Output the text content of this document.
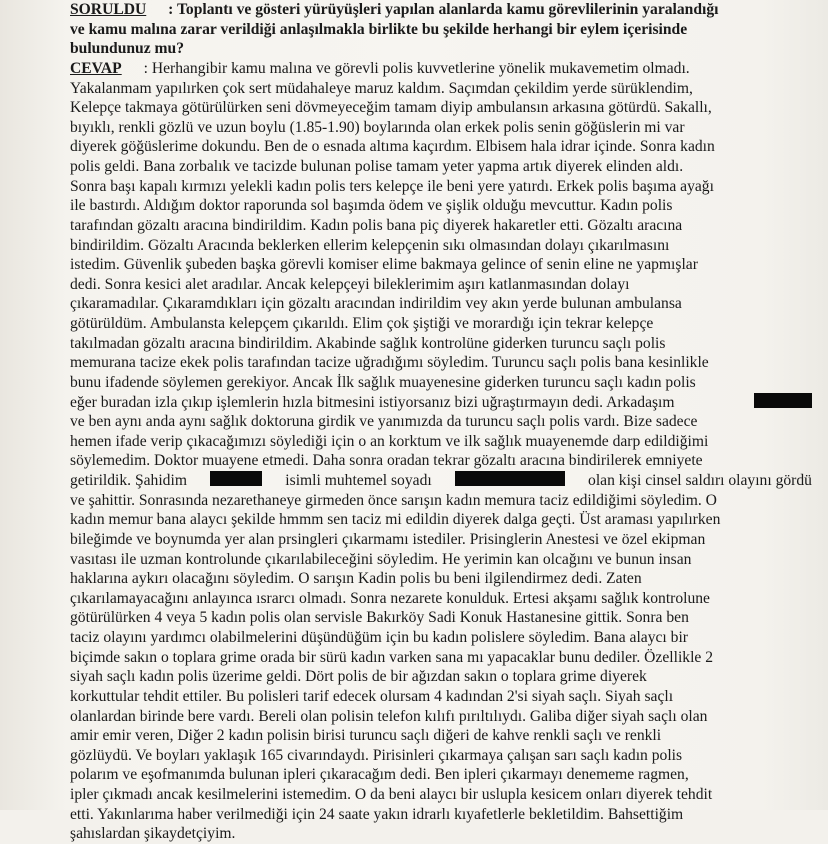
SORULDU : Toplantı ve gösteri yürüyüşleri yapılan alanlarda kamu görevlilerinin yaralandığı
ve kamu malına zarar verildiği anlaşılmakla birlikte bu şekilde herhangi bir eylem içerisinde
bulundunuz mu?
CEVAP : Herhangibir kamu malına ve görevli polis kuvvetlerine yönelik mukavemetim olmadı.
Yakalanmam yapılırken çok sert müdahaleye maruz kaldım. Saçımdan çekildim yerde sürüklendim,
Kelepçe takmaya götürülürken seni dövmeyeceğim tamam diyip ambulansın arkasına götürdü. Sakallı,
bıyıklı, renkli gözlü ve uzun boylu (1.85-1.90) boylarında olan erkek polis senin göğüslerin mi var
diyerek göğüslerime dokundu. Ben de o esnada altıma kaçırdım. Elbisem hala idrar içinde. Sonra kadın
polis geldi. Bana zorbalık ve tacizde bulunan polise tamam yeter yapma artık diyerek elinden aldı.
Sonra başı kapalı kırmızı yelekli kadın polis ters kelepçe ile beni yere yatırdı. Erkek polis başıma ayağı
ile bastırdı. Aldığım doktor raporunda sol başımda ödem ve şişlik olduğu mevcuttur. Kadın polis
tarafından gözaltı aracına bindirildim. Kadın polis bana piç diyerek hakaretler etti. Gözaltı aracına
bindirildim. Gözaltı Aracında beklerken ellerim kelepçenin sıkı olmasından dolayı çıkarılmasını
istedim. Güvenlik şubeden başka görevli komiser elime bakmaya gelince of senin eline ne yapmışlar
dedi. Sonra kesici alet aradılar. Ancak kelepçeyi bileklerimim aşırı katlanmasından dolayı
çıkaramadılar. Çıkaramdıkları için gözaltı aracından indirildim vey akın yerde bulunan ambulansa
götürüldüm. Ambulansta kelepçem çıkarıldı. Elim çok şiştiği ve morardığı için tekrar kelepçe
takılmadan gözaltı aracına bindirildim. Akabinde sağlık kontrolüne giderken turuncu saçlı polis
memurana tacize ekek polis tarafından tacize uğradığımı söyledim. Turuncu saçlı polis bana kesinlikle
bunu ifadende söylemen gerekiyor. Ancak İlk sağlık muayenesine giderken turuncu saçlı kadın polis
eğer buradan izla çıkıp işlemlerin hızla bitmesini istiyorsanız bizi uğraştırmayın dedi. Arkadaşım
ve ben aynı anda aynı sağlık doktoruna girdik ve yanımızda da turuncu saçlı polis vardı. Bize sadece
hemen ifade verip çıkacağımızı söylediği için o an korktum ve ilk sağlık muayenemde darp edildiğimi
söylemedim. Doktor muayene etmedi. Daha sonra oradan tekrar gözaltı aracına bindirilerek emniyete
getirildik. Şahidim	isimli muhtemel soyadı	olan kişi cinsel saldırı olayını gördü
ve şahittir. Sonrasında nezarethaneye girmeden önce sarışın kadın memura taciz edildiğimi söyledim. O
kadın memur bana alaycı şekilde hmmm sen taciz mi edildin diyerek dalga geçti. Üst araması yapılırken
bileğimde ve boynumda yer alan prsingleri çıkarmamı istediler. Prisinglerin Anestesi ve özel ekipman
vasıtası ile uzman kontrolunde çıkarılabileceğini söyledim. He yerimin kan olcağını ve bunun insan
haklarına aykırı olacağını söyledim. O sarışın Kadin polis bu beni ilgilendirmez dedi. Zaten
çıkarılamayacağını anlayınca ısrarcı olmadı. Sonra nezarete konulduk. Ertesi akşamı sağlık kontrolune
götürülürken 4 veya 5 kadın polis olan servisle Bakırköy Sadi Konuk Hastanesine gittik. Sonra ben
taciz olayını yardımcı olabilmelerini düşündüğüm için bu kadın polislere söyledim. Bana alaycı bir
biçimde sakın o toplara grime orada bir sürü kadın varken sana mı yapacaklar bunu dediler. Özellikle 2
siyah saçlı kadın polis üzerime geldi. Dört polis de bir ağızdan sakın o toplara grime diyerek
korkuttular tehdit ettiler. Bu polisleri tarif edecek olursam 4 kadından 2'si siyah saçlı. Siyah saçlı
olanlardan birinde bere vardı. Bereli olan polisin telefon kılıfı pırıltılıydı. Galiba diğer siyah saçlı olan
amir emir veren, Diğer 2 kadın polisin birisi turuncu saçlı diğeri de kahve renkli saçlı ve renkli
gözlüydü. Ve boyları yaklaşık 165 civarındaydı. Pirisinleri çıkarmaya çalışan sarı saçlı kadın polis
polarım ve eşofmanımda bulunan ipleri çıkaracağım dedi. Ben ipleri çıkarmayı denememe ragmen,
ipler çıkmadı ancak kesilmelerini istemedim. O da beni alaycı bir uslupla kesicem onları diyerek tehdit
etti. Yakınlarıma haber verilmediği için 24 saate yakın idrarlı kıyafetlerle bekletildim. Bahsettiğim
şahıslardan şikaydetçiyim.
